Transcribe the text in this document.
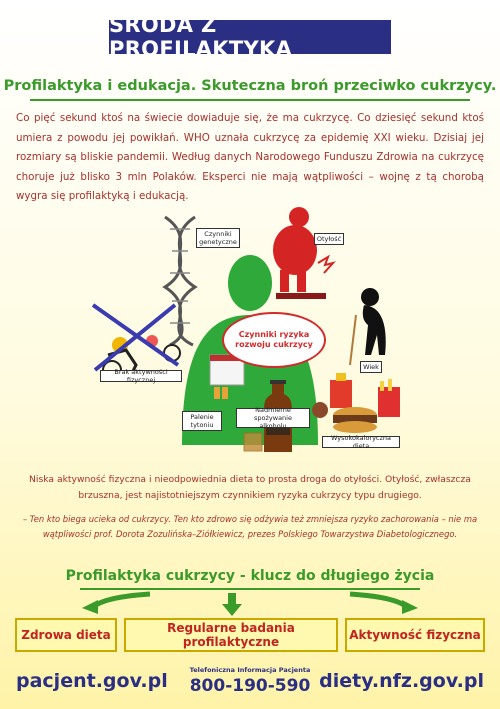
ŚRODA Z PROFILAKTYKĄ
Profilaktyka i edukacja. Skuteczna broń przeciwko cukrzycy.

Co pięć sekund ktoś na świecie dowiaduje się, że ma cukrzycę. Co dziesięć sekund ktoś umiera z powodu jej powikłań. WHO uznała cukrzycę za epidemię XXI wieku. Dzisiaj jej rozmiary są bliskie pandemii. Według danych Narodowego Funduszu Zdrowia na cukrzycę choruje już blisko 3 mln Polaków. Eksperci nie mają wątpliwości – wojnę z tą chorobą wygra się profilaktyką i edukacją.

Czynniki genetyczne	Otyłość
Brak aktywności fizycznej
Wiek
Palenie tytoniu
Nadmierne spożywanie alkoholu
Wysokokaloryczna dieta
Czynniki ryzyka rozwoju cukrzycy

Niska aktywność fizyczna i nieodpowiednia dieta to prosta droga do otyłości. Otyłość, zwłaszcza brzuszna, jest najistotniejszym czynnikiem ryzyka cukrzycy typu drugiego.

– Ten kto biega ucieka od cukrzycy. Ten kto zdrowo się odżywia też zmniejsza ryzyko zachorowania – nie ma wątpliwości prof. Dorota Zozulińska–Ziółkiewicz, prezes Polskiego Towarzystwa Diabetologicznego.

Profilaktyka cukrzycy - klucz do długiego życia
Zdrowa dieta	Regularne badania profilaktyczne	Aktywność fizyczna
pacjent.gov.pl	Telefoniczna Informacja Pacjenta
800-190-590 diety.nfz.gov.pl
